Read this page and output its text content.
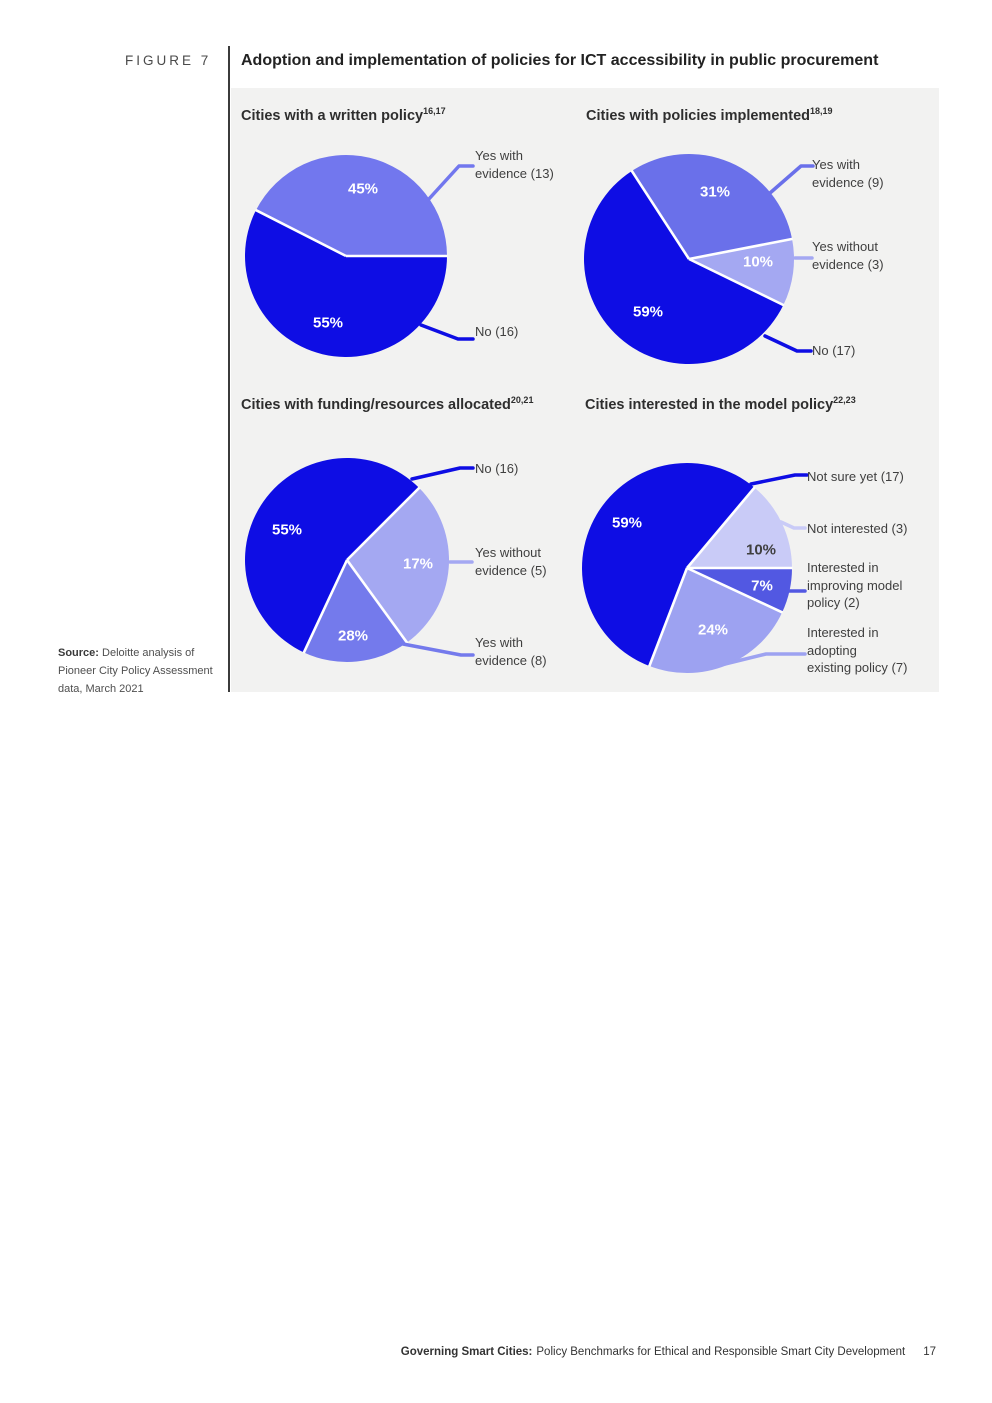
FIGURE 7 Adoption and implementation of policies for ICT accessibility in public procurement
Cities with a written policy$^{16,17}$	Cities with policies implemented$^{18,19}$
Cities with funding/resources allocated$^{20,21}$	Cities interested in the model policy$^{22,23}$
45%
55%
31%
10%
59%
55%
17%
28%
59%
10%
7%
24%
Yes with
evidence (13)
No (16)
Yes with
evidence (9)
Yes without
evidence (3)
No (17)
No (16)
Yes without
evidence (5)
Yes with
evidence (8)
Not sure yet (17)
Not interested (3)
Interested in
improving model
policy (2)
Interested in
adopting
existing policy (7)
Source: Deloitte analysis of
Pioneer City Policy Assessment
data, March 2021
Governing Smart Cities: Policy Benchmarks for Ethical and Responsible Smart City Development 17
